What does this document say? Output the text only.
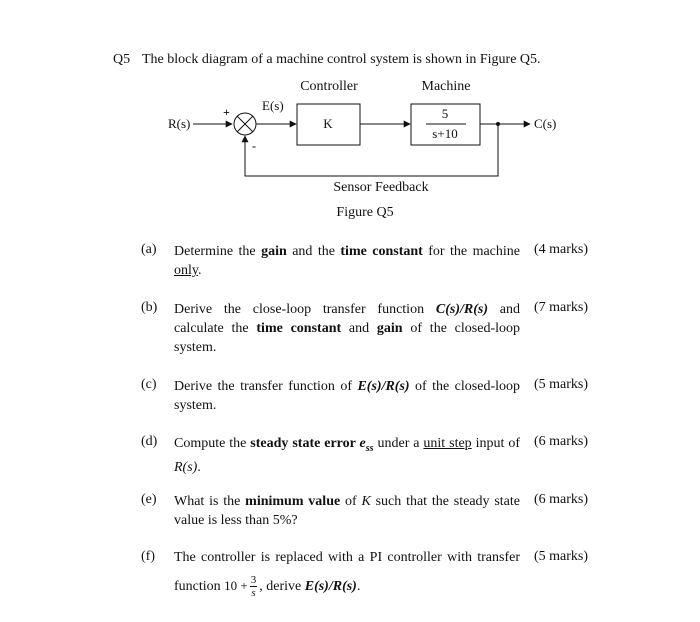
Q5 The block diagram of a machine control system is shown in Figure Q5.
Controller	Machine
R(s)
+ E(s)
K
5
s+10
C(s)
-
Sensor Feedback
Figure Q5
(a) Determine the gain and the time constant for the machine only.
(4 marks)
(b) Derive the close-loop transfer function C(s)/R(s) and calculate the time constant and gain of the closed-loop system.
(7 marks)
(c) Derive the transfer function of E(s)/R(s) of the closed-loop system.
(5 marks)
(d) Compute the steady state error $e_{ss}$ under a unit step input of R(s).
(6 marks)
(e) What is the minimum value of K such that the steady state value is less than 5%?
(6 marks)
(f) The controller is replaced with a PI controller with transfer function $10 + \frac{3}{s}$ , derive E(s)/R(s).
(5 marks)
